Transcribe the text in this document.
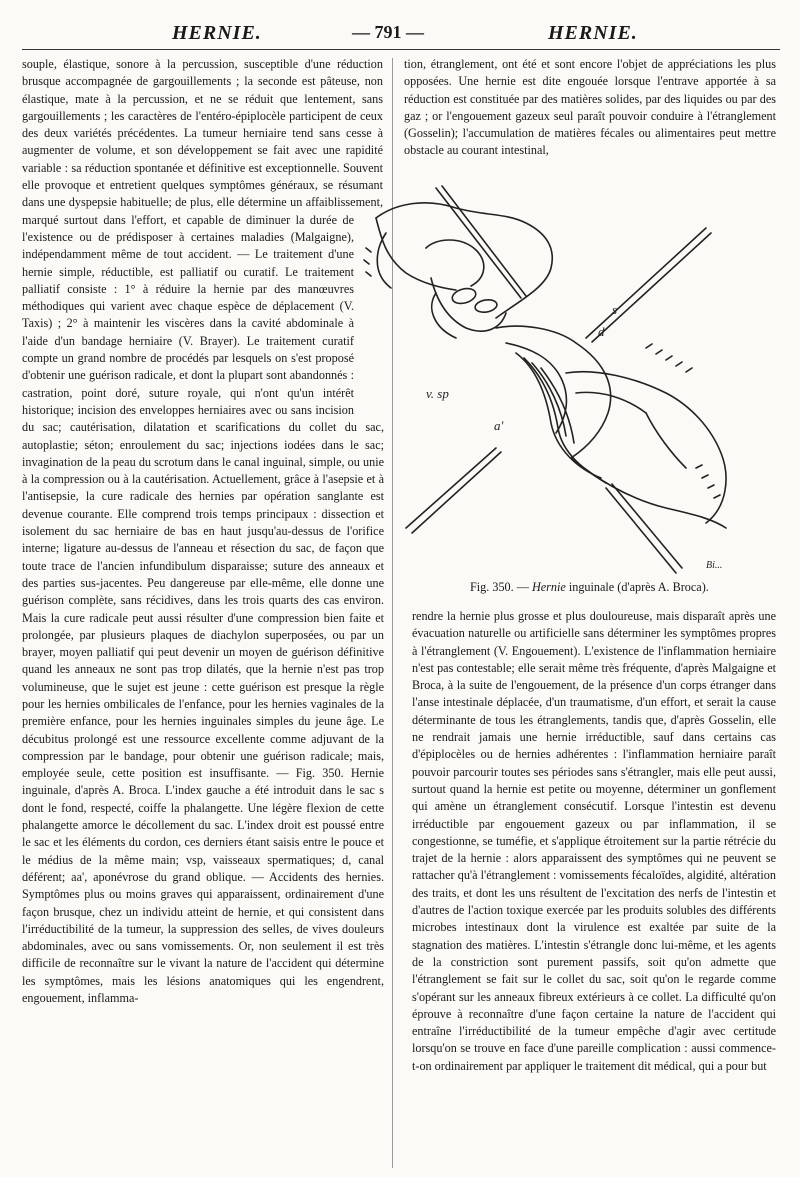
HERNIE.	— 791 —	HERNIE.

souple, élastique, sonore à la percussion, susceptible d'une réduction brusque accompagnée de gargouillements ; la seconde est pâteuse, non élastique, mate à la percussion, et ne se réduit que lentement, sans gargouillements ; les caractères de l'entéro-épiplocèle participent de ceux des deux variétés précédentes. La tumeur herniaire tend sans cesse à augmenter de volume, et son développement se fait avec une rapidité variable : sa réduction spontanée et définitive est exceptionnelle. Souvent elle provoque et entretient quelques symptômes généraux, se résumant dans une dyspepsie habituelle; de plus, elle détermine un affaiblissement, marqué surtout dans l'effort, et capable de diminuer la durée de l'existence ou de prédisposer à certaines maladies (Malgaigne), indépendamment même de tout accident. — Le traitement d'une hernie simple, réductible, est palliatif ou curatif. Le traitement palliatif consiste : 1° à réduire la hernie par des manœuvres méthodiques qui varient avec chaque espèce de déplacement (V. Taxis) ; 2° à maintenir les viscères dans la cavité abdominale à l'aide d'un bandage herniaire (V. Brayer). Le traitement curatif compte un grand nombre de procédés par lesquels on s'est proposé d'obtenir une guérison radicale, et dont la plupart sont abandonnés : castration, point doré, suture royale, qui n'ont qu'un intérêt historique; incision des enveloppes herniaires avec ou sans incision du sac; cautérisation, dilatation et scarifications du collet du sac, autoplastie; séton; enroulement du sac; injections iodées dans le sac; invagination de la peau du scrotum dans le canal inguinal, simple, ou unie à la compression ou à la cautérisation. Actuellement, grâce à l'asepsie et à l'antisepsie, la cure radicale des hernies par opération sanglante est devenue courante. Elle comprend trois temps principaux : dissection et isolement du sac herniaire de bas en haut jusqu'au-dessus de l'orifice interne; ligature au-dessus de l'anneau et résection du sac, de façon que toute trace de l'ancien infundibulum disparaisse; suture des anneaux et des parties sus-jacentes. Peu dangereuse par elle-même, elle donne une guérison complète, sans récidives, dans les trois quarts des cas environ. Mais la cure radicale peut aussi résulter d'une compression bien faite et prolongée, par plusieurs plaques de diachylon superposées, ou par un brayer, moyen palliatif qui peut devenir un moyen de guérison définitive quand les anneaux ne sont pas trop dilatés, que la hernie n'est pas trop volumineuse, que le sujet est jeune : cette guérison est presque la règle pour les hernies ombilicales de l'enfance, pour les hernies vaginales de la première enfance, pour les hernies inguinales simples du jeune âge. Le décubitus prolongé est une ressource excellente comme adjuvant de la compression par le bandage, pour obtenir une guérison radicale; mais, employée seule, cette position est insuffisante. — Fig. 350. Hernie inguinale, d'après A. Broca. L'index gauche a été introduit dans le sac s dont le fond, respecté, coiffe la phalangette. Une légère flexion de cette phalangette amorce le décollement du sac. L'index droit est poussé entre le sac et les éléments du cordon, ces derniers étant saisis entre le pouce et le médius de la même main; vsp, vaisseaux spermatiques; d, canal déférent; aa', aponévrose du grand oblique. — Accidents des hernies. Symptômes plus ou moins graves qui apparaissent, ordinairement d'une façon brusque, chez un individu atteint de hernie, et qui consistent dans l'irréductibilité de la tumeur, la suppression des selles, de vives douleurs abdominales, avec ou sans vomissements. Or, non seulement il est très difficile de reconnaître sur le vivant la nature de l'accident qui détermine les symptômes, mais les lésions anatomiques qui les engendrent, engouement, inflamma-

tion, étranglement, ont été et sont encore l'objet de appréciations les plus opposées. Une hernie est dite engouée lorsque l'entrave apportée à sa réduction est constituée par des matières solides, par des liquides ou par des gaz ; or l'engouement gazeux seul paraît pouvoir conduire à l'étranglement (Gosselin); l'accumulation de matières fécales ou alimentaires peut mettre obstacle au courant intestinal,

s
d
v. sp
a'
Bi...
Fig. 350. — Hernie inguinale (d'après A. Broca).

rendre la hernie plus grosse et plus douloureuse, mais disparaît après une évacuation naturelle ou artificielle sans déterminer les symptômes propres à l'étranglement (V. Engouement). L'existence de l'inflammation herniaire n'est pas contestable; elle serait même très fréquente, d'après Malgaigne et Broca, à la suite de l'engouement, de la présence d'un corps étranger dans l'anse intestinale déplacée, d'un traumatisme, d'un effort, et serait la cause déterminante de tous les étranglements, tandis que, d'après Gosselin, elle ne rendrait jamais une hernie irréductible, sauf dans certains cas d'épiplocèles ou de hernies adhérentes : l'inflammation herniaire paraît pouvoir parcourir toutes ses périodes sans s'étrangler, mais elle peut aussi, surtout quand la hernie est petite ou moyenne, déterminer un gonflement qui amène un étranglement consécutif. Lorsque l'intestin est devenu irréductible par engouement gazeux ou par inflammation, il se congestionne, se tuméfie, et s'applique étroitement sur la partie rétrécie du trajet de la hernie : alors apparaissent des symptômes qui ne peuvent se rattacher qu'à l'étranglement : vomissements fécaloïdes, algidité, altération des traits, et dont les uns résultent de l'excitation des nerfs de l'intestin et d'autres de l'action toxique exercée par les produits solubles des différents microbes intestinaux dont la virulence est exaltée par suite de la stagnation des matières. L'intestin s'étrangle donc lui-même, et les agents de la constriction sont purement passifs, soit qu'on admette que l'étranglement se fait sur le collet du sac, soit qu'on le regarde comme s'opérant sur les anneaux fibreux extérieurs à ce collet. La difficulté qu'on éprouve à reconnaître d'une façon certaine la nature de l'accident qui entraîne l'irréductibilité de la tumeur empêche d'agir avec certitude lorsqu'on se trouve en face d'une pareille complication : aussi commence-t-on ordinairement par appliquer le traitement dit médical, qui a pour but
